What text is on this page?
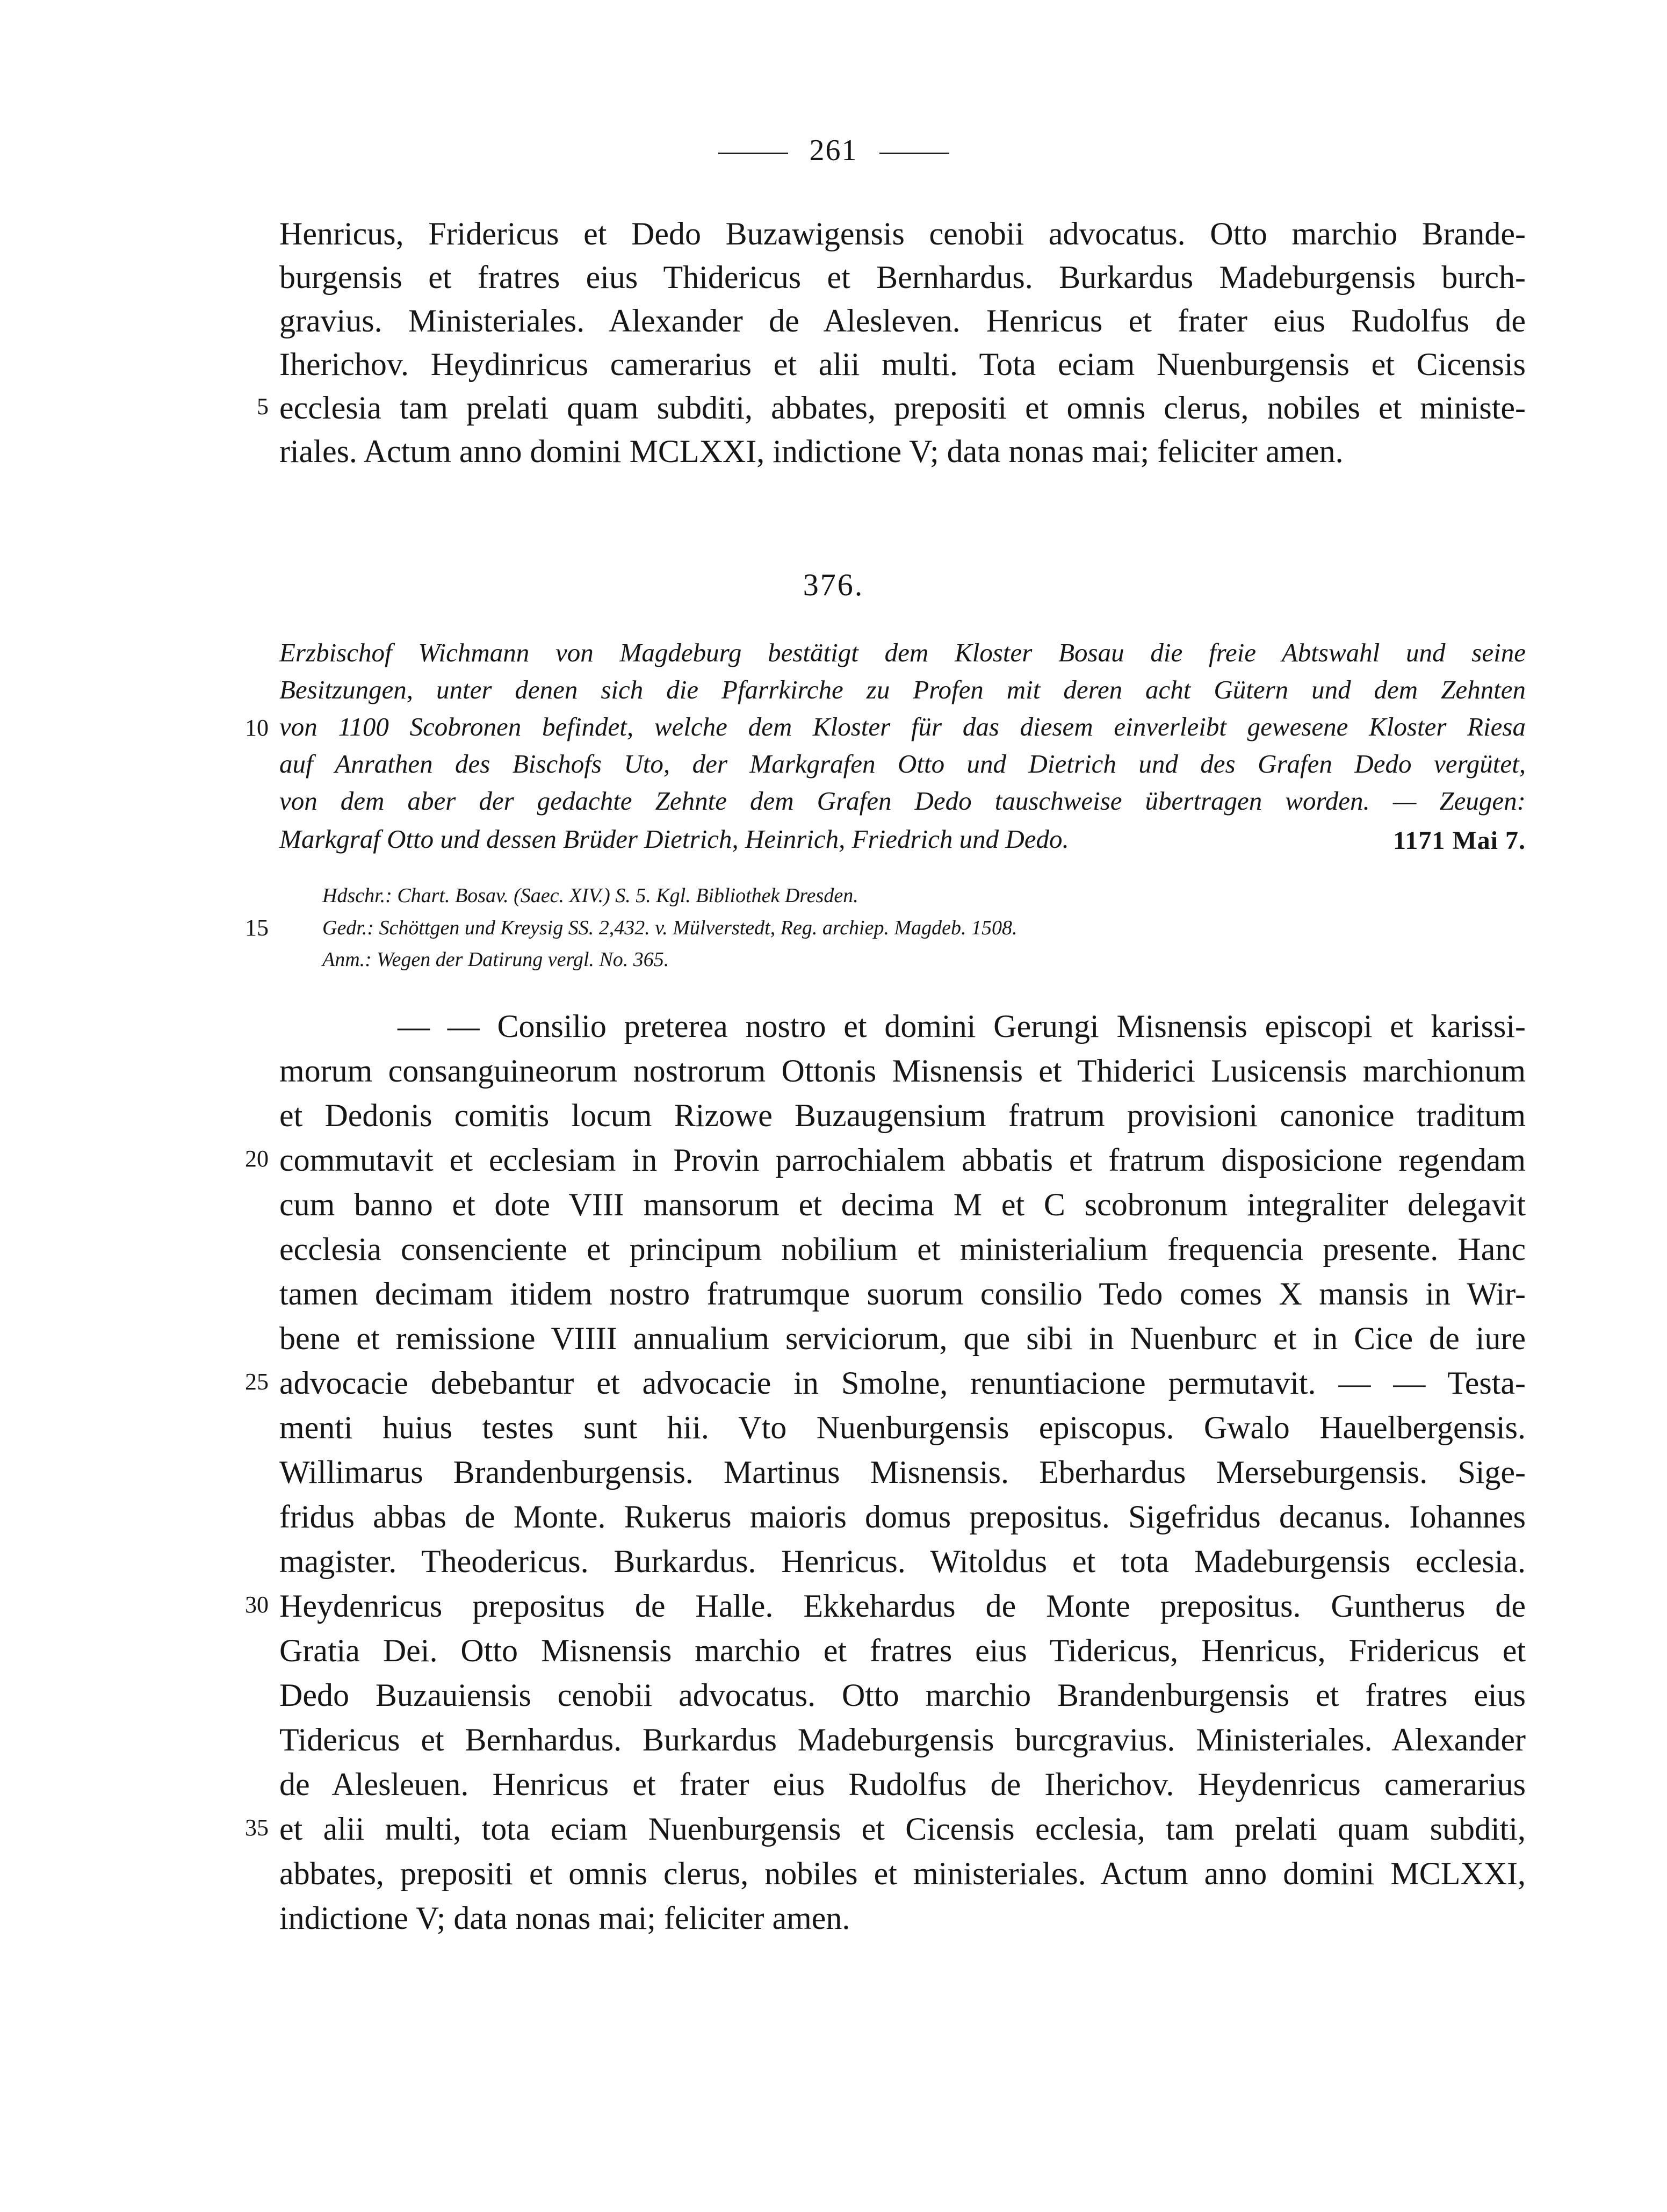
261
Henricus, Fridericus et Dedo Buzawigensis cenobii advocatus. Otto marchio Brande-
burgensis et fratres eius Thidericus et Bernhardus. Burkardus Madeburgensis burch-
gravius. Ministeriales. Alexander de Alesleven. Henricus et frater eius Rudolfus de
Iherichov. Heydinricus camerarius et alii multi. Tota eciam Nuenburgensis et Cicensis
5 ecclesia tam prelati quam subditi, abbates, prepositi et omnis clerus, nobiles et ministe-
riales. Actum anno domini MCLXXI, indictione V; data nonas mai; feliciter amen.
376.
Erzbischof Wichmann von Magdeburg bestätigt dem Kloster Bosau die freie Abtswahl und seine
Besitzungen, unter denen sich die Pfarrkirche zu Profen mit deren acht Gütern und dem Zehnten
10 von 1100 Scobronen befindet, welche dem Kloster für das diesem einverleibt gewesene Kloster Riesa
auf Anrathen des Bischofs Uto, der Markgrafen Otto und Dietrich und des Grafen Dedo vergütet,
von dem aber der gedachte Zehnte dem Grafen Dedo tauschweise übertragen worden. — Zeugen:
Markgraf Otto und dessen Brüder Dietrich, Heinrich, Friedrich und Dedo.	1171 Mai 7.
Hdschr.: Chart. Bosav. (Saec. XIV.) S. 5. Kgl. Bibliothek Dresden.
15	Gedr.: Schöttgen und Kreysig SS. 2,432. v. Mülverstedt, Reg. archiep. Magdeb. 1508.
Anm.: Wegen der Datirung vergl. No. 365.
— — Consilio preterea nostro et domini Gerungi Misnensis episcopi et karissi-
morum consanguineorum nostrorum Ottonis Misnensis et Thiderici Lusicensis marchionum
et Dedonis comitis locum Rizowe Buzaugensium fratrum provisioni canonice traditum
20 commutavit et ecclesiam in Provin parrochialem abbatis et fratrum disposicione regendam
cum banno et dote VIII mansorum et decima M et C scobronum integraliter delegavit
ecclesia consenciente et principum nobilium et ministerialium frequencia presente. Hanc
tamen decimam itidem nostro fratrumque suorum consilio Tedo comes X mansis in Wir-
bene et remissione VIIII annualium serviciorum, que sibi in Nuenburc et in Cice de iure
25 advocacie debebantur et advocacie in Smolne, renuntiacione permutavit. — — Testa-
menti huius testes sunt hii. Vto Nuenburgensis episcopus. Gwalo Hauelbergensis.
Willimarus Brandenburgensis. Martinus Misnensis. Eberhardus Merseburgensis. Sige-
fridus abbas de Monte. Rukerus maioris domus prepositus. Sigefridus decanus. Iohannes
magister. Theodericus. Burkardus. Henricus. Witoldus et tota Madeburgensis ecclesia.
30 Heydenricus prepositus de Halle. Ekkehardus de Monte prepositus. Guntherus de
Gratia Dei. Otto Misnensis marchio et fratres eius Tidericus, Henricus, Fridericus et
Dedo Buzauiensis cenobii advocatus. Otto marchio Brandenburgensis et fratres eius
Tidericus et Bernhardus. Burkardus Madeburgensis burcgravius. Ministeriales. Alexander
de Alesleuen. Henricus et frater eius Rudolfus de Iherichov. Heydenricus camerarius
35 et alii multi, tota eciam Nuenburgensis et Cicensis ecclesia, tam prelati quam subditi,
abbates, prepositi et omnis clerus, nobiles et ministeriales. Actum anno domini MCLXXI,
indictione V; data nonas mai; feliciter amen.
